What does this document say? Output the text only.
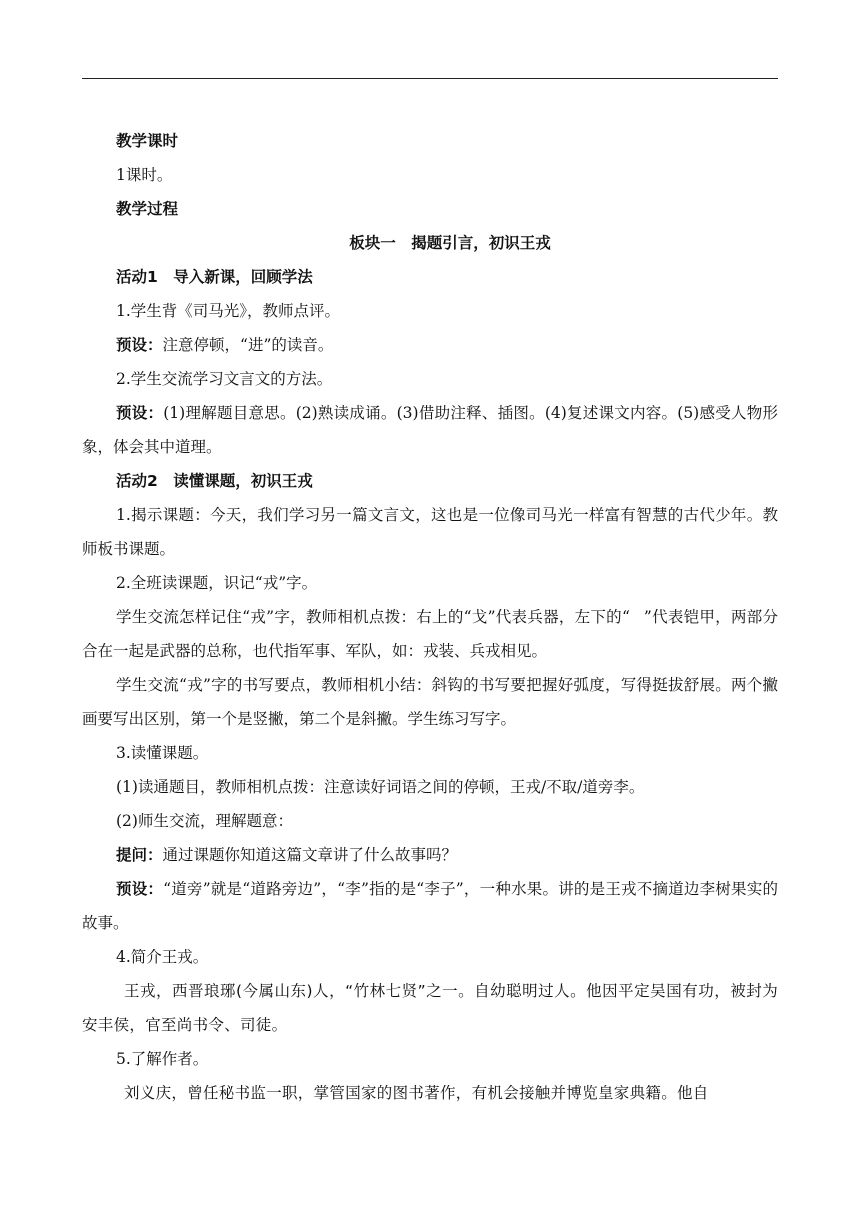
教学课时
1课时。
教学过程
板块一　揭题引言，初识王戎
活动1　导入新课，回顾学法
1.学生背《司马光》，教师点评。
预设：注意停顿，“进”的读音。
2.学生交流学习文言文的方法。
预设：(1)理解题目意思。(2)熟读成诵。(3)借助注释、插图。(4)复述课文内容。(5)感受人物形象，体会其中道理。
活动2　读懂课题，初识王戎
1.揭示课题：今天，我们学习另一篇文言文，这也是一位像司马光一样富有智慧的古代少年。教师板书课题。
2.全班读课题，识记“戎”字。
学生交流怎样记住“戎”字，教师相机点拨：右上的“戈”代表兵器，左下的“ ”代表铠甲，两部分合在一起是武器的总称，也代指军事、军队，如：戎装、兵戎相见。
学生交流“戎”字的书写要点，教师相机小结：斜钩的书写要把握好弧度，写得挺拔舒展。两个撇画要写出区别，第一个是竖撇，第二个是斜撇。学生练习写字。
3.读懂课题。
(1)读通题目，教师相机点拨：注意读好词语之间的停顿，王戎/不取/道旁李。
(2)师生交流，理解题意：
提问：通过课题你知道这篇文章讲了什么故事吗？
预设：“道旁”就是“道路旁边”，“李”指的是“李子”，一种水果。讲的是王戎不摘道边李树果实的故事。
4.简介王戎。
王戎，西晋琅琊(今属山东)人，“竹林七贤”之一。自幼聪明过人。他因平定吴国有功，被封为安丰侯，官至尚书令、司徒。
5.了解作者。
刘义庆，曾任秘书监一职，掌管国家的图书著作，有机会接触并博览皇家典籍。他自
